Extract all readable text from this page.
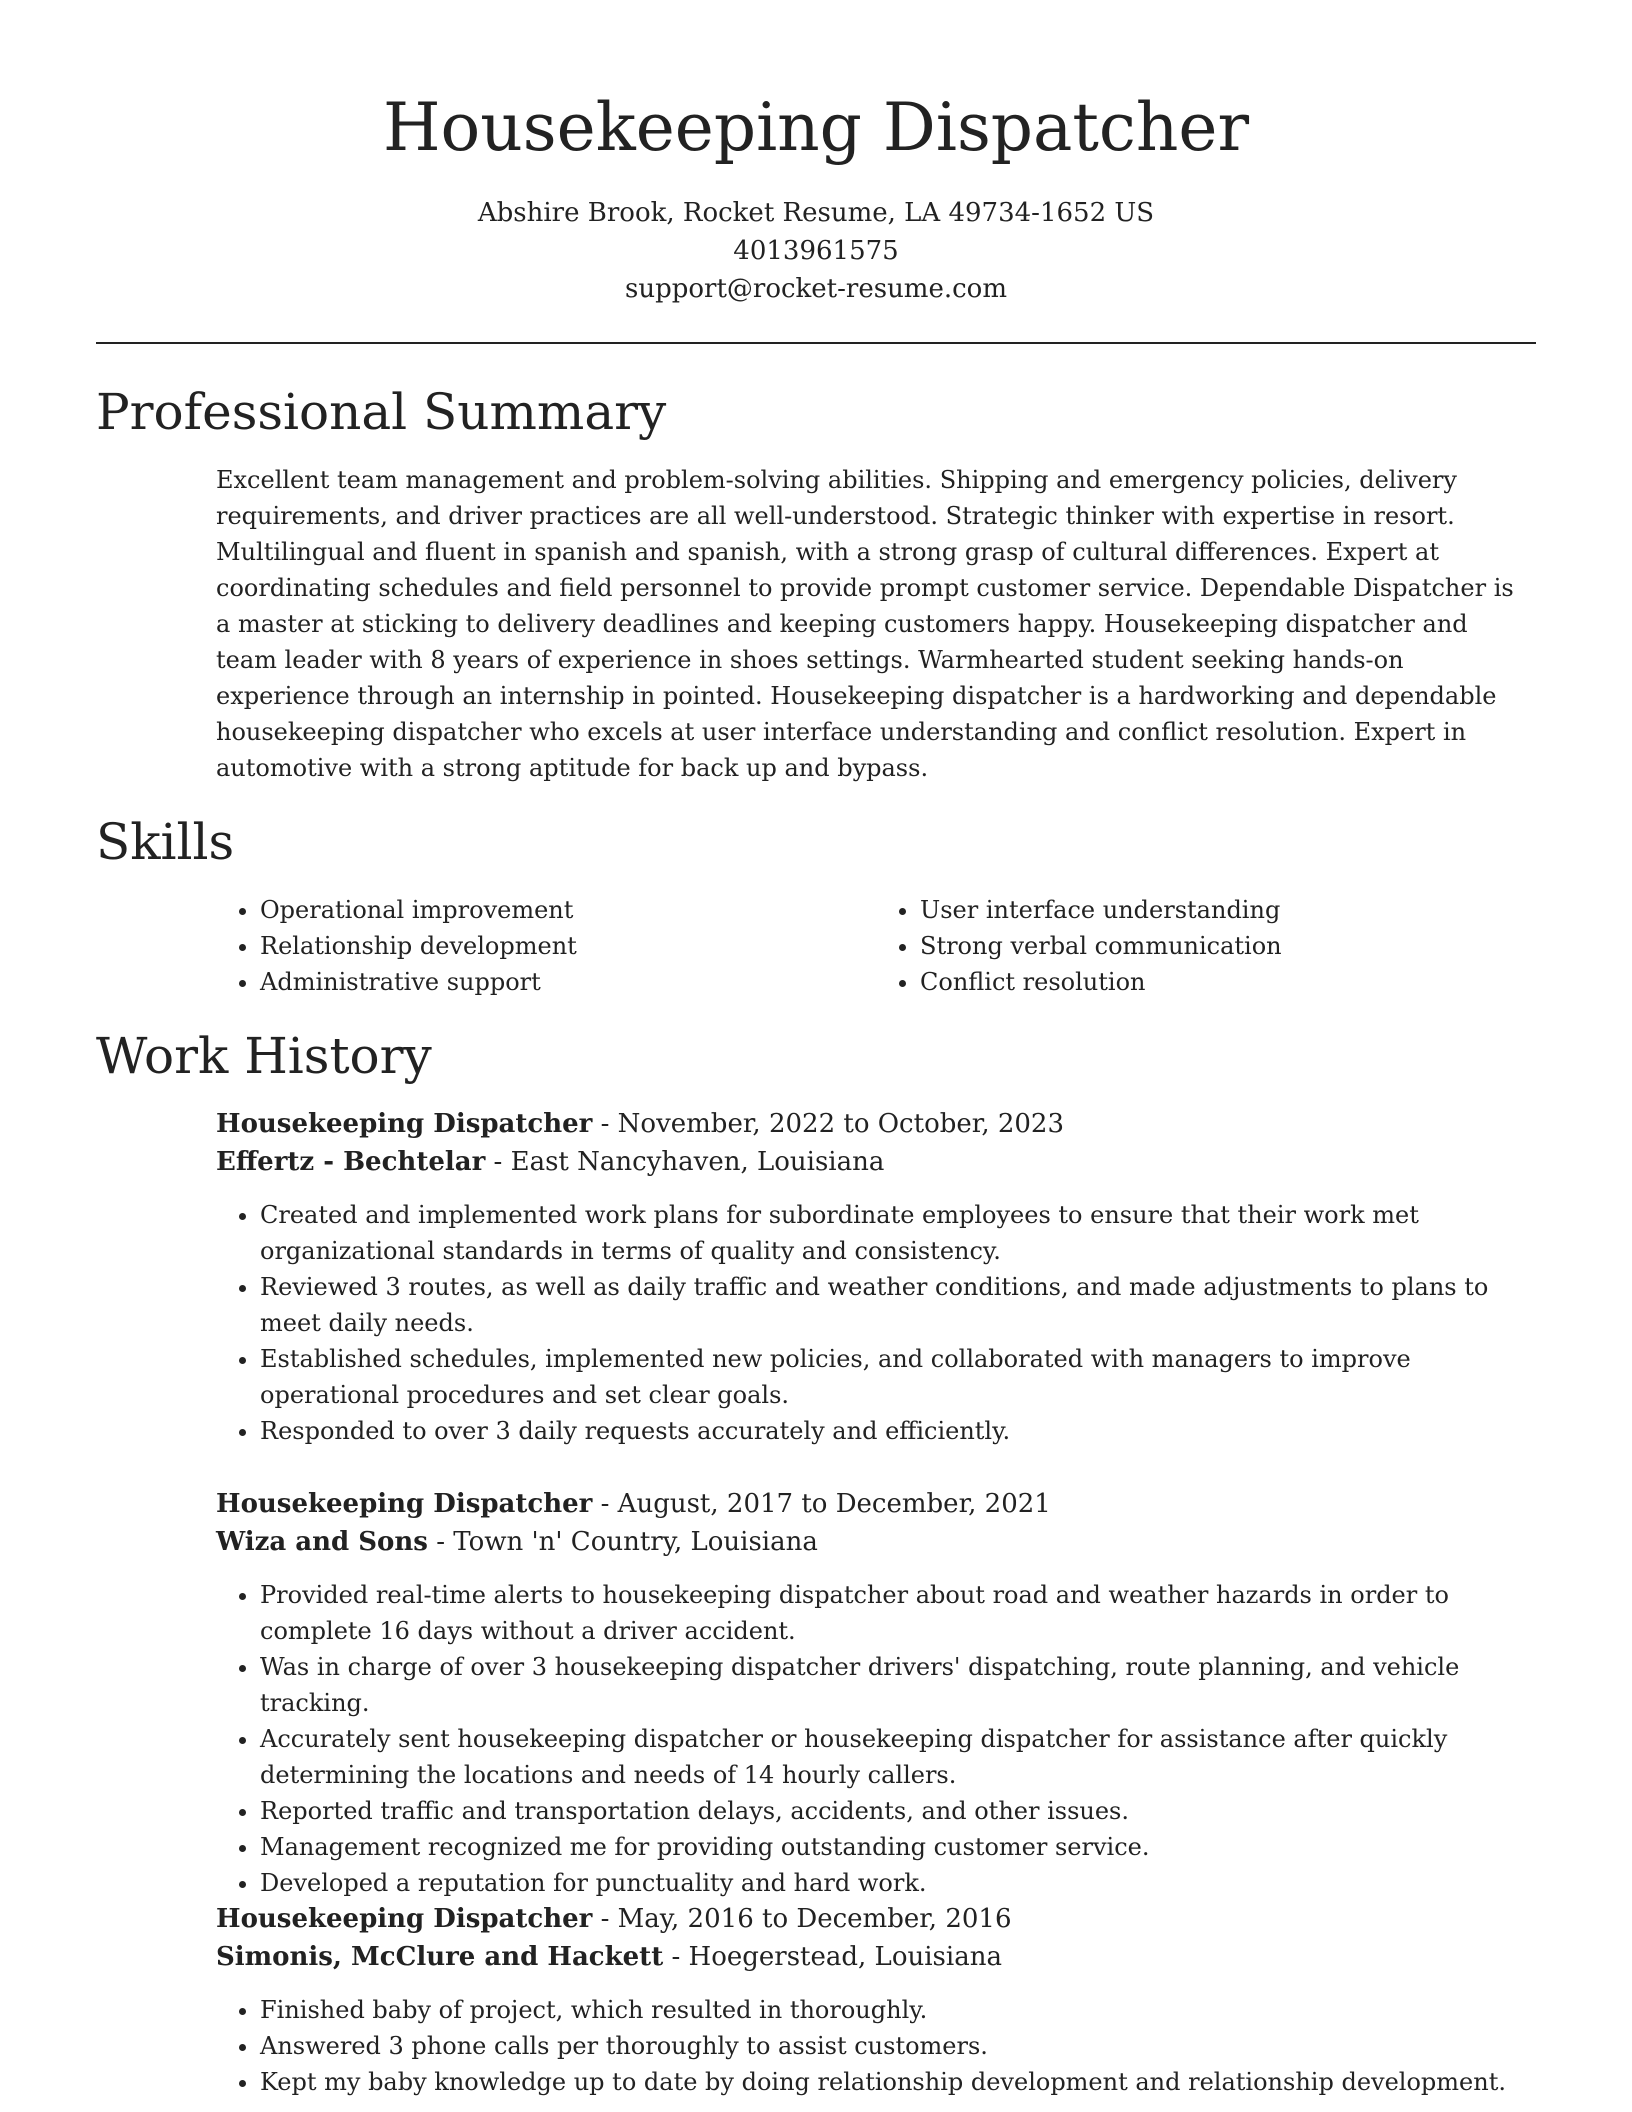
Housekeeping Dispatcher
Abshire Brook, Rocket Resume, LA 49734-1652 US
4013961575
support@rocket-resume.com
Professional Summary

Excellent team management and problem-solving abilities. Shipping and emergency policies, delivery requirements, and driver practices are all well-understood. Strategic thinker with expertise in resort. Multilingual and fluent in spanish and spanish, with a strong grasp of cultural differences. Expert at coordinating schedules and field personnel to provide prompt customer service. Dependable Dispatcher is a master at sticking to delivery deadlines and keeping customers happy. Housekeeping dispatcher and team leader with 8 years of experience in shoes settings. Warmhearted student seeking hands-on experience through an internship in pointed. Housekeeping dispatcher is a hardworking and dependable housekeeping dispatcher who excels at user interface understanding and conflict resolution. Expert in automotive with a strong aptitude for back up and bypass.

Skills
• Operational improvement
• Relationship development
• Administrative support
• User interface understanding
• Strong verbal communication
• Conflict resolution
Work History
Housekeeping Dispatcher - November, 2022 to October, 2023
Effertz - Bechtelar - East Nancyhaven, Louisiana
• Created and implemented work plans for subordinate employees to ensure that their work met organizational standards in terms of quality and consistency.
• Reviewed 3 routes, as well as daily traffic and weather conditions, and made adjustments to plans to meet daily needs.
• Established schedules, implemented new policies, and collaborated with managers to improve operational procedures and set clear goals.
• Responded to over 3 daily requests accurately and efficiently.
Housekeeping Dispatcher - August, 2017 to December, 2021
Wiza and Sons - Town 'n' Country, Louisiana
• Provided real-time alerts to housekeeping dispatcher about road and weather hazards in order to complete 16 days without a driver accident.
• Was in charge of over 3 housekeeping dispatcher drivers' dispatching, route planning, and vehicle tracking.
• Accurately sent housekeeping dispatcher or housekeeping dispatcher for assistance after quickly determining the locations and needs of 14 hourly callers.
• Reported traffic and transportation delays, accidents, and other issues.
• Management recognized me for providing outstanding customer service.
• Developed a reputation for punctuality and hard work.
Housekeeping Dispatcher - May, 2016 to December, 2016
Simonis, McClure and Hackett - Hoegerstead, Louisiana
• Finished baby of project, which resulted in thoroughly.
• Answered 3 phone calls per thoroughly to assist customers.
• Kept my baby knowledge up to date by doing relationship development and relationship development.
